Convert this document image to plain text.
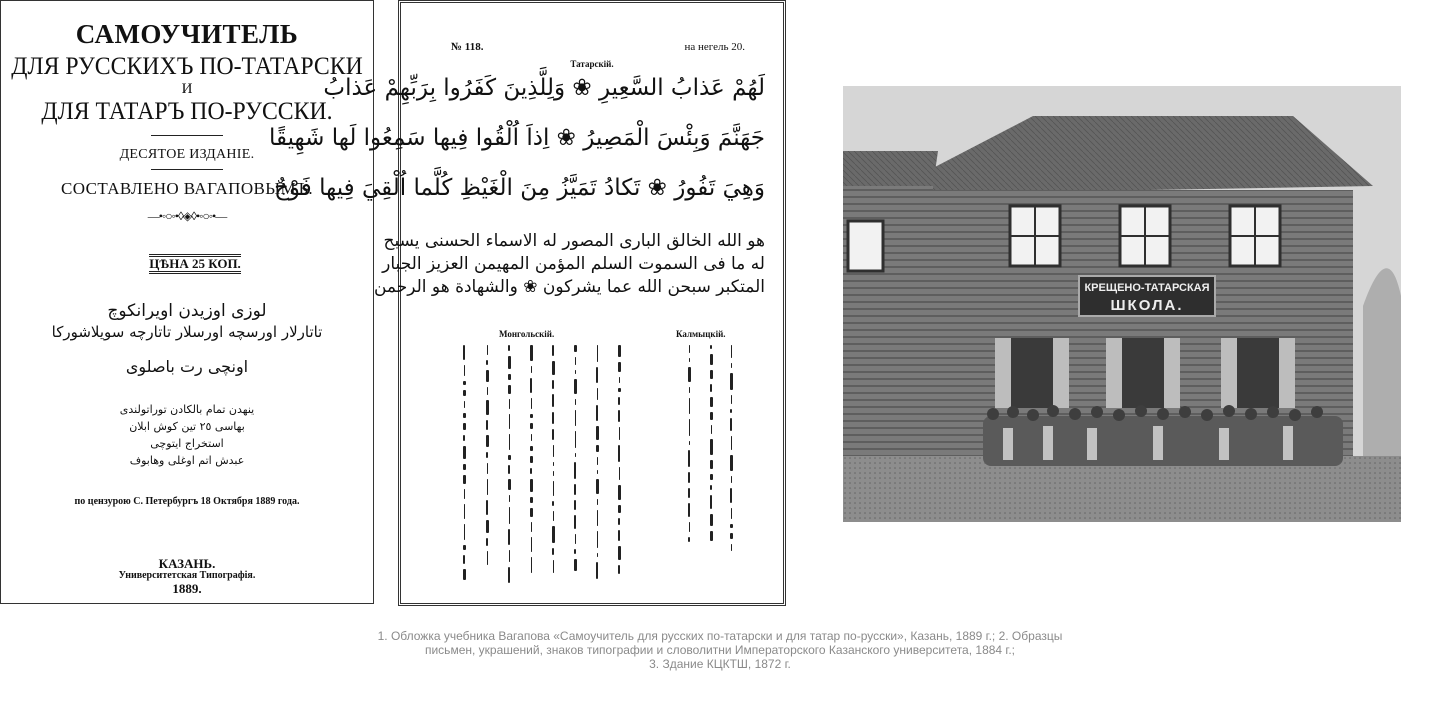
САМОУЧИТЕЛЬ
ДЛЯ РУССКИХЪ ПО-ТАТАРСКИ
И
ДЛЯ ТАТАРЪ ПО-РУССКИ.
ДЕСЯТОЕ ИЗДАНІЕ.
СОСТАВЛЕНО ВАГАПОВЫМЪ.
—•◦○◦•◊◈◊•◦○◦•—
ЦѢНА 25 КОП.
لوزى اوزيدن اويرانكوچ
تاتارلار اورسچه اورسلار تاتارچه سويلاشوركا
اونچى رت باصلوى
ينهدن تمام بالكادن توراتولندى
بهاسى ٢٥ تين كوش ابلان
استخراج ايتوچى
عبدش اتم اوغلى وهابوف
по цензурою С. Петербургъ 18 Октября 1889 года.
КАЗАНЬ.
Университетская Типографія.
1889.
№ 118.	на негель 20.
Татарскій.
لَهُمْ عَذابُ السَّعِيرِ ❀ وَلِلَّذِينَ كَفَرُوا بِرَبِّهِمْ عَذابُ
جَهَنَّمَ وَبِئْسَ الْمَصِيرُ ❀ اِذاَ اُلْقُوا فِيها سَمِعُوا لَها شَهِيقًا
وَهِيَ تَفُورُ ❀ تَكادُ تَمَيَّزُ مِنَ الْغَيْظِ كُلَّما اُلْقِيَ فِيها فَوْجٌ
هو الله الخالق البارى المصور له الاسماء الحسنى يسبح
له ما فى السموت السلم المؤمن المهيمن العزيز الجبار
المتكبر سبحن الله عما يشركون ❀ والشهادة هو الرحمن
Монгольскій.	Калмыцкій.
КРЕЩЕНО-ТАТАРСКАЯ
ШКОЛА.
1. Обложка учебника Вагапова «Самоучитель для русских по-татарски и для татар по-русски», Казань, 1889 г.; 2. Образцы
письмен, украшений, знаков типографии и словолитни Императорского Казанского университета, 1884 г.;
3. Здание КЦКТШ, 1872 г.
